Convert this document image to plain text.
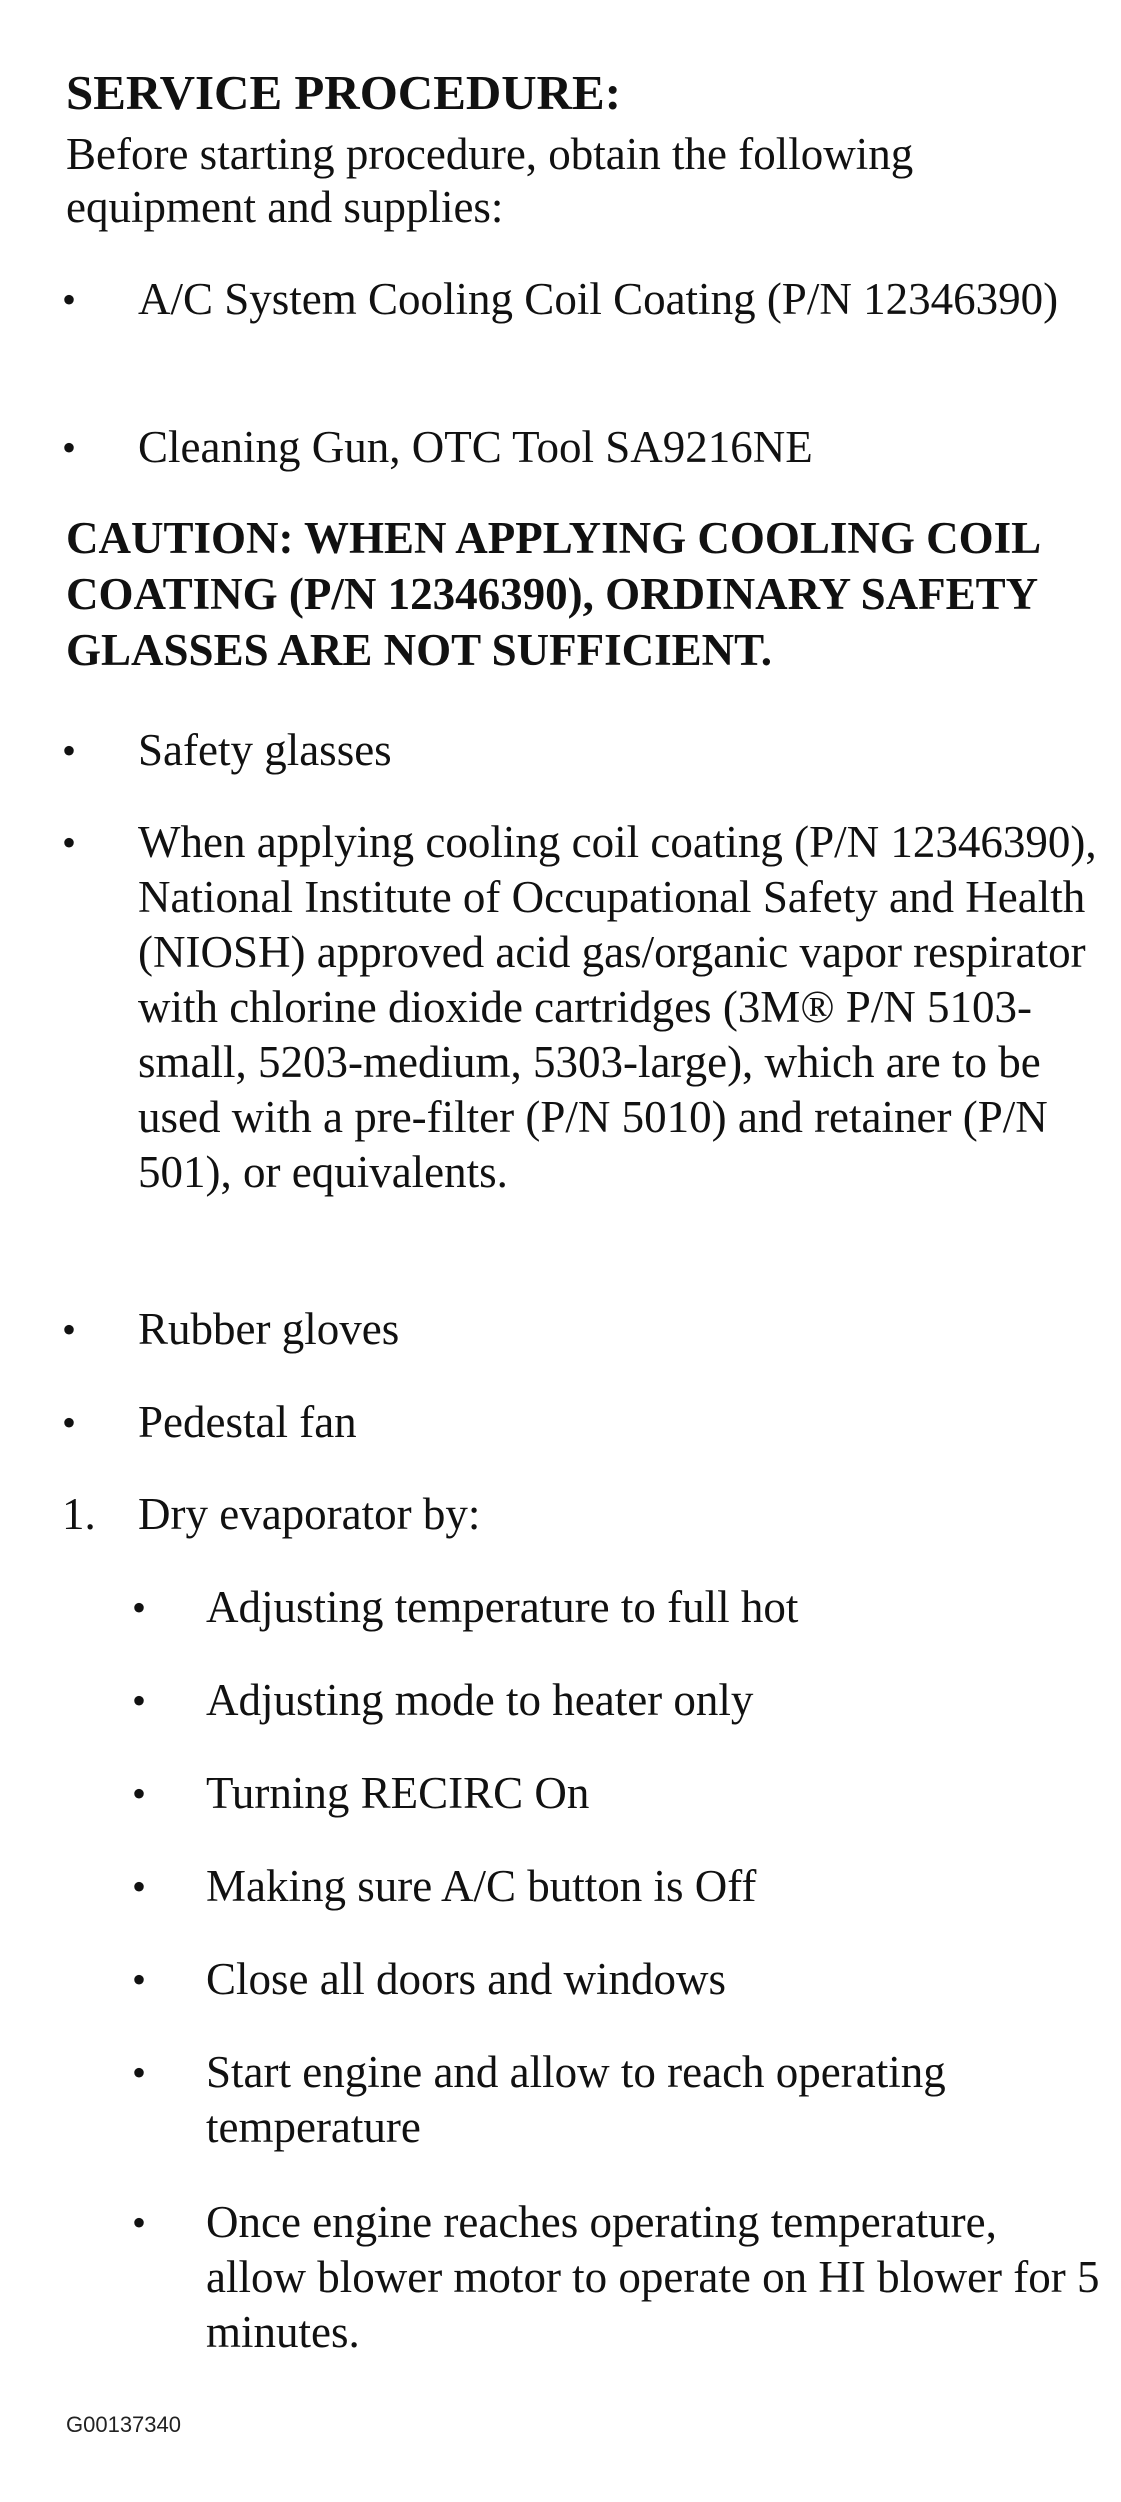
SERVICE PROCEDURE:

Before starting procedure, obtain the following equipment and supplies:

• A/C System Cooling Coil Coating (P/N 12346390)
• Cleaning Gun, OTC Tool SA9216NE

CAUTION: WHEN APPLYING COOLING COIL COATING (P/N 12346390), ORDINARY SAFETY GLASSES ARE NOT SUFFICIENT.

• Safety glasses
• When applying cooling coil coating (P/N 12346390), National Institute of Occupational Safety and Health (NIOSH) approved acid gas/organic vapor respirator with chlorine dioxide cartridges (3M® P/N 5103-small, 5203-medium, 5303-large), which are to be used with a pre-filter (P/N 5010) and retainer (P/N 501), or equivalents.
• Rubber gloves
• Pedestal fan
1. Dry evaporator by:
• Adjusting temperature to full hot
• Adjusting mode to heater only
• Turning RECIRC On
• Making sure A/C button is Off
• Close all doors and windows
• Start engine and allow to reach operating temperature
• Once engine reaches operating temperature, allow blower motor to operate on HI blower for 5 minutes.
G00137340
